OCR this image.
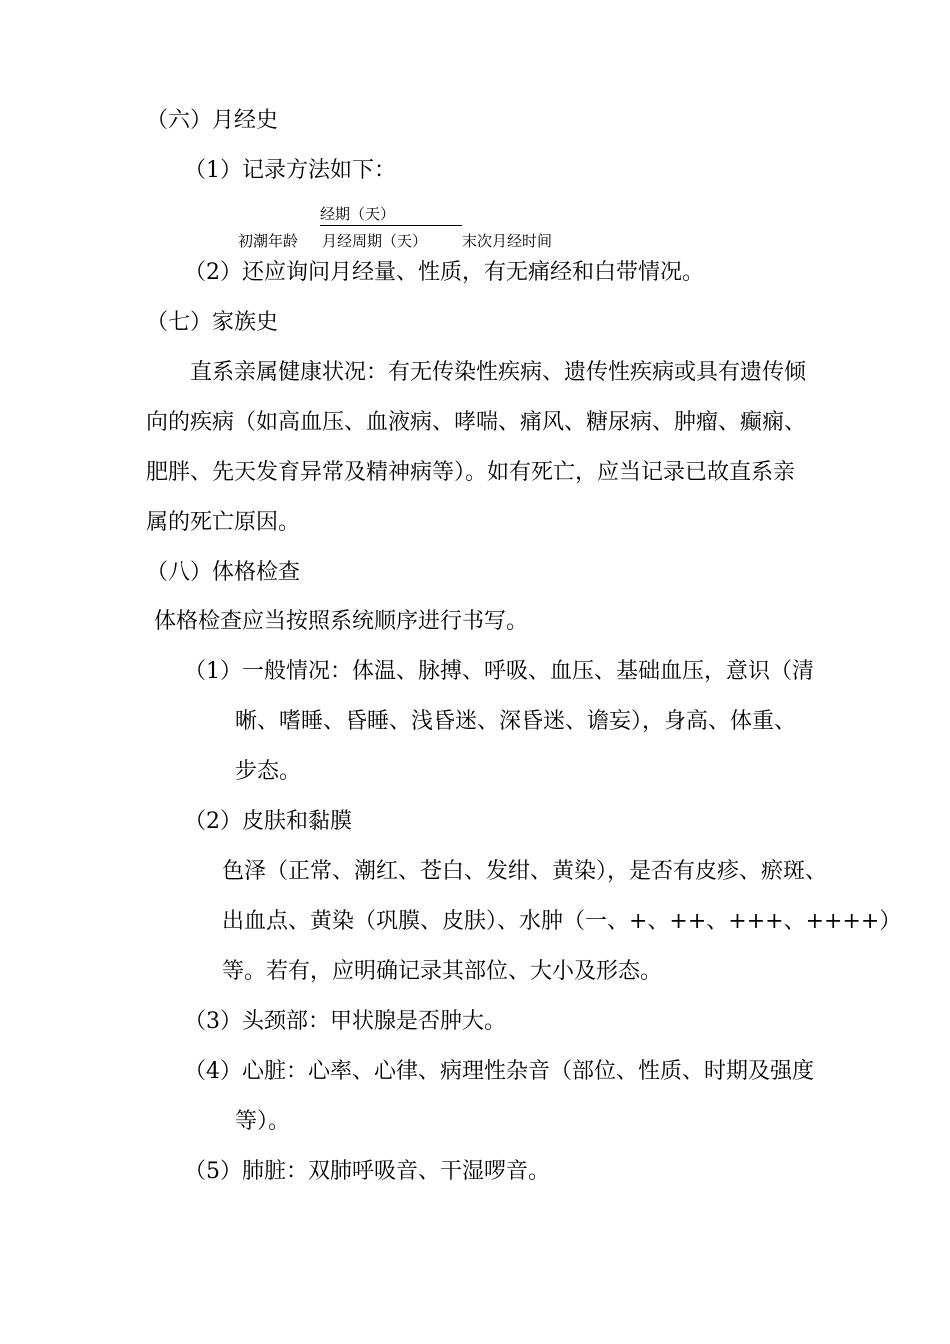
（六）月经史
（1）记录方法如下：
经期（天）
初潮年龄 月经周期（天） 末次月经时间
（2）还应询问月经量、性质，有无痛经和白带情况。
（七）家族史
直系亲属健康状况：有无传染性疾病、遗传性疾病或具有遗传倾
向的疾病（如高血压、血液病、哮喘、痛风、糖尿病、肿瘤、癫痫、
肥胖、先天发育异常及精神病等）。如有死亡，应当记录已故直系亲
属的死亡原因。
（八）体格检查
体格检查应当按照系统顺序进行书写。
（1）一般情况：体温、脉搏、呼吸、血压、基础血压，意识（清
晰、嗜睡、昏睡、浅昏迷、深昏迷、谵妄），身高、体重、
步态。
（2）皮肤和黏膜
色泽（正常、潮红、苍白、发绀、黄染），是否有皮疹、瘀斑、
出血点、黄染（巩膜、皮肤）、水肿（一、+、++、+++、++++）
等。若有，应明确记录其部位、大小及形态。
（3）头颈部：甲状腺是否肿大。
（4）心脏：心率、心律、病理性杂音（部位、性质、时期及强度
等）。
（5）肺脏：双肺呼吸音、干湿啰音。
